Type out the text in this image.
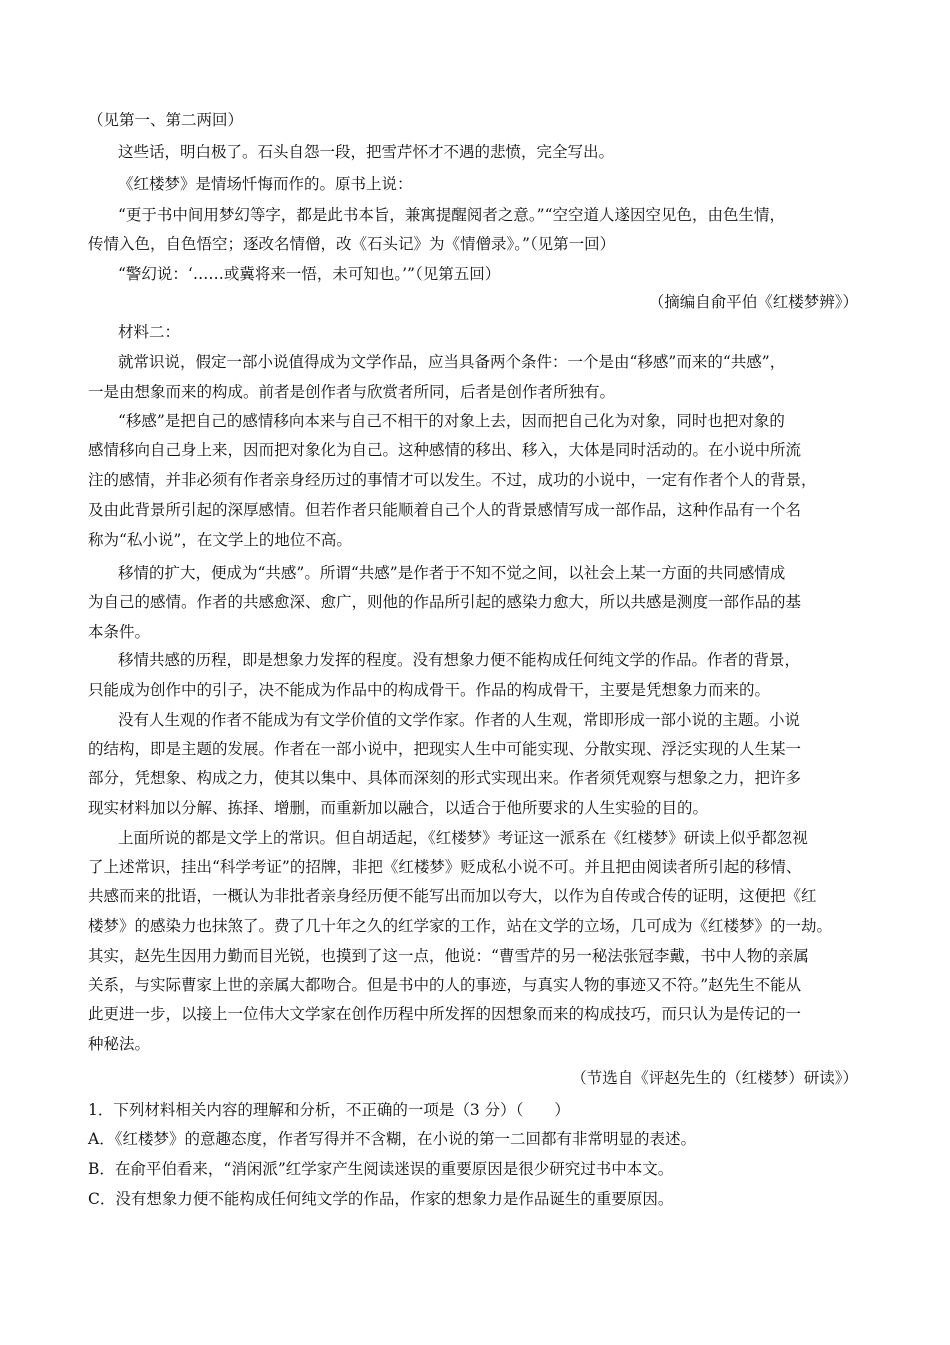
（见第一、第二两回）
这些话，明白极了。石头自怨一段，把雪芹怀才不遇的悲愤，完全写出。
《红楼梦》是情场忏悔而作的。原书上说：
“更于书中间用梦幻等字，都是此书本旨，兼寓提醒阅者之意。”“空空道人遂因空见色，由色生情，
传情入色，自色悟空；逐改名情僧，改《石头记》为《情僧录》。”（见第一回）
“警幻说：‘……或冀将来一悟，未可知也。’”（见第五回）
（摘编自俞平伯《红楼梦辨》）
材料二：
就常识说，假定一部小说值得成为文学作品，应当具备两个条件：一个是由“移感”而来的“共感”，
一是由想象而来的构成。前者是创作者与欣赏者所同，后者是创作者所独有。
“移感”是把自己的感情移向本来与自己不相干的对象上去，因而把自己化为对象，同时也把对象的
感情移向自己身上来，因而把对象化为自己。这种感情的移出、移入，大体是同时活动的。在小说中所流
注的感情，并非必须有作者亲身经历过的事情才可以发生。不过，成功的小说中，一定有作者个人的背景，
及由此背景所引起的深厚感情。但若作者只能顺着自己个人的背景感情写成一部作品，这种作品有一个名
称为“私小说”，在文学上的地位不高。
移情的扩大，便成为“共感”。所谓“共感”是作者于不知不觉之间，以社会上某一方面的共同感情成
为自己的感情。作者的共感愈深、愈广，则他的作品所引起的感染力愈大，所以共感是测度一部作品的基
本条件。
移情共感的历程，即是想象力发挥的程度。没有想象力便不能构成任何纯文学的作品。作者的背景，
只能成为创作中的引子，决不能成为作品中的构成骨干。作品的构成骨干，主要是凭想象力而来的。
没有人生观的作者不能成为有文学价值的文学作家。作者的人生观，常即形成一部小说的主题。小说
的结构，即是主题的发展。作者在一部小说中，把现实人生中可能实现、分散实现、浮泛实现的人生某一
部分，凭想象、构成之力，使其以集中、具体而深刻的形式实现出来。作者须凭观察与想象之力，把许多
现实材料加以分解、拣择、增删，而重新加以融合，以适合于他所要求的人生实验的目的。
上面所说的都是文学上的常识。但自胡适起，《红楼梦》考证这一派系在《红楼梦》研读上似乎都忽视
了上述常识，挂出“科学考证”的招牌，非把《红楼梦》贬成私小说不可。并且把由阅读者所引起的移情、
共感而来的批语，一概认为非批者亲身经历便不能写出而加以夸大，以作为自传或合传的证明，这便把《红
楼梦》的感染力也抹煞了。费了几十年之久的红学家的工作，站在文学的立场，几可成为《红楼梦》的一劫。
其实，赵先生因用力勤而目光锐，也摸到了这一点，他说：“曹雪芹的另一秘法张冠李戴，书中人物的亲属
关系，与实际曹家上世的亲属大都吻合。但是书中的人的事迹，与真实人物的事迹又不符。”赵先生不能从
此更进一步，以接上一位伟大文学家在创作历程中所发挥的因想象而来的构成技巧，而只认为是传记的一
种秘法。
（节选自《评赵先生的（红楼梦）研读》）
1．下列材料相关内容的理解和分析，不正确的一项是（3 分）（　　）
A．《红楼梦》的意趣态度，作者写得并不含糊，在小说的第一二回都有非常明显的表述。
B．在俞平伯看来，“消闲派”红学家产生阅读迷误的重要原因是很少研究过书中本文。
C．没有想象力便不能构成任何纯文学的作品，作家的想象力是作品诞生的重要原因。
